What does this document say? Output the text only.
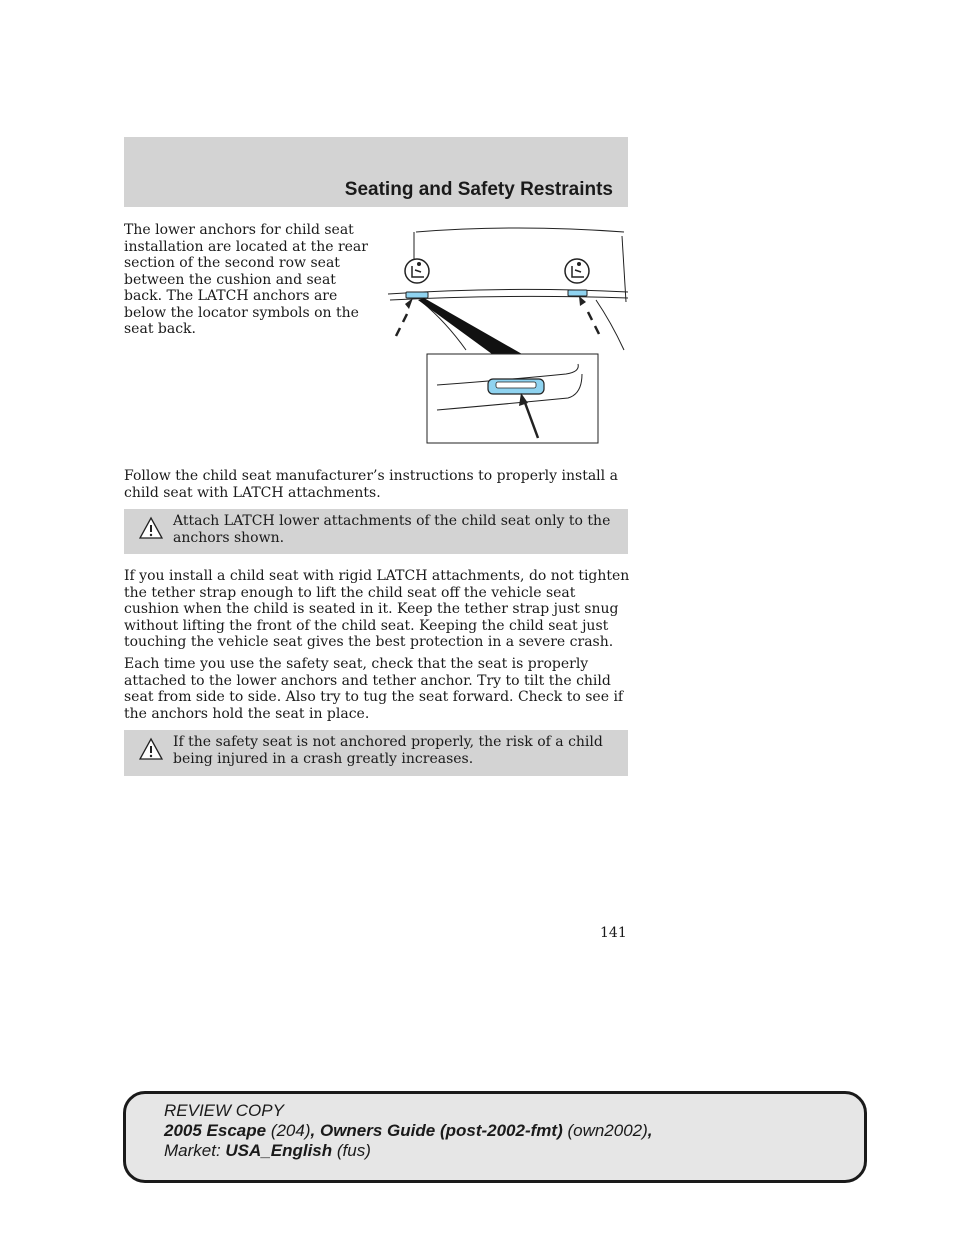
Seating and Safety Restraints

The lower anchors for child seat installation are located at the rear section of the second row seat between the cushion and seat back. The LATCH anchors are below the locator symbols on the seat back.

Follow the child seat manufacturer’s instructions to properly install a child seat with LATCH attachments.

Attach LATCH lower attachments of the child seat only to the anchors shown.

If you install a child seat with rigid LATCH attachments, do not tighten the tether strap enough to lift the child seat off the vehicle seat cushion when the child is seated in it. Keep the tether strap just snug without lifting the front of the child seat. Keeping the child seat just touching the vehicle seat gives the best protection in a severe crash.

Each time you use the safety seat, check that the seat is properly attached to the lower anchors and tether anchor. Try to tilt the child seat from side to side. Also try to tug the seat forward. Check to see if the anchors hold the seat in place.

If the safety seat is not anchored properly, the risk of a child being injured in a crash greatly increases.

141
REVIEW COPY
2005 Escape (204), Owners Guide (post-2002-fmt) (own2002),
Market: USA_English (fus)
